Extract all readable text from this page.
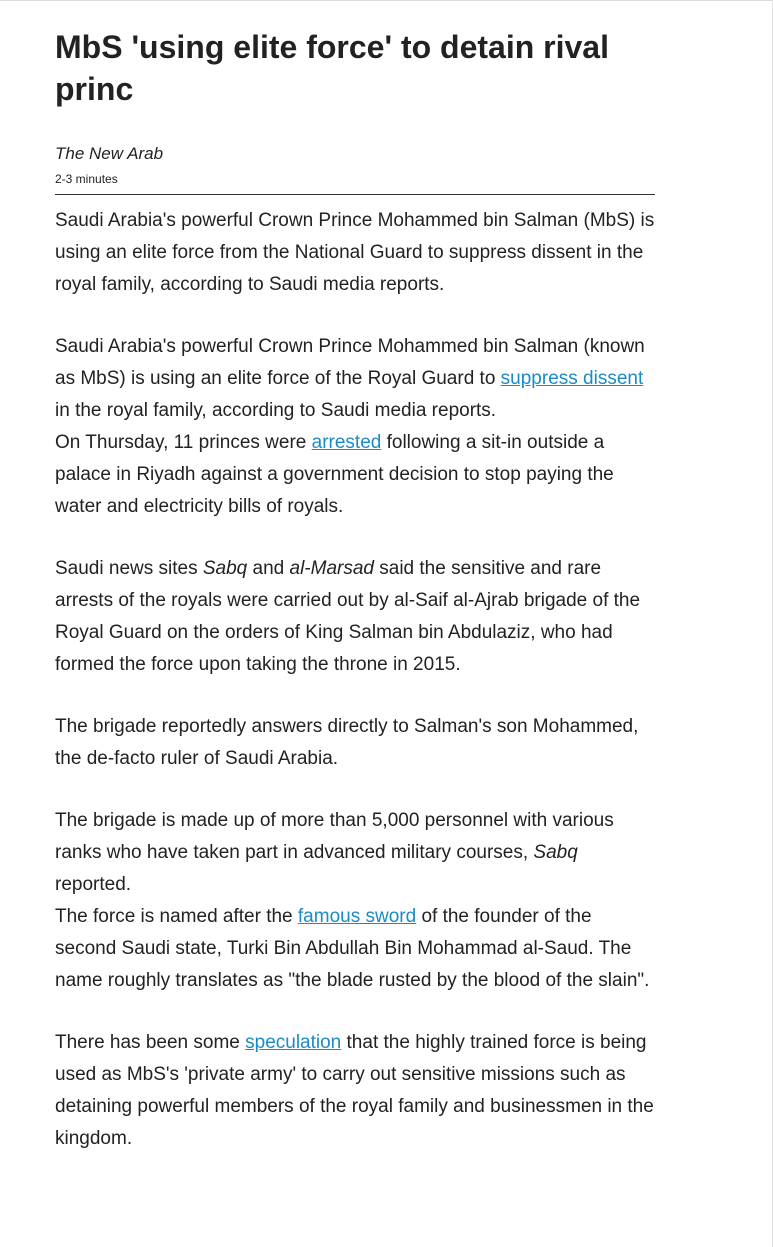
MbS 'using elite force' to detain rival princ
The New Arab
2-3 minutes

Saudi Arabia's powerful Crown Prince Mohammed bin Salman (MbS) is using an elite force from the National Guard to suppress dissent in the royal family, according to Saudi media reports.

Saudi Arabia's powerful Crown Prince Mohammed bin Salman (known as MbS) is using an elite force of the Royal Guard to suppress dissent in the royal family, according to Saudi media reports.

On Thursday, 11 princes were arrested following a sit-in outside a palace in Riyadh against a government decision to stop paying the water and electricity bills of royals.

Saudi news sites Sabq and al-Marsad said the sensitive and rare arrests of the royals were carried out by al-Saif al-Ajrab brigade of the Royal Guard on the orders of King Salman bin Abdulaziz, who had formed the force upon taking the throne in 2015.

The brigade reportedly answers directly to Salman's son Mohammed, the de-facto ruler of Saudi Arabia.

The brigade is made up of more than 5,000 personnel with various ranks who have taken part in advanced military courses, Sabq reported.

The force is named after the famous sword of the founder of the second Saudi state, Turki Bin Abdullah Bin Mohammad al-Saud. The name roughly translates as "the blade rusted by the blood of the slain".

There has been some speculation that the highly trained force is being used as MbS's 'private army' to carry out sensitive missions such as detaining powerful members of the royal family and businessmen in the kingdom.
